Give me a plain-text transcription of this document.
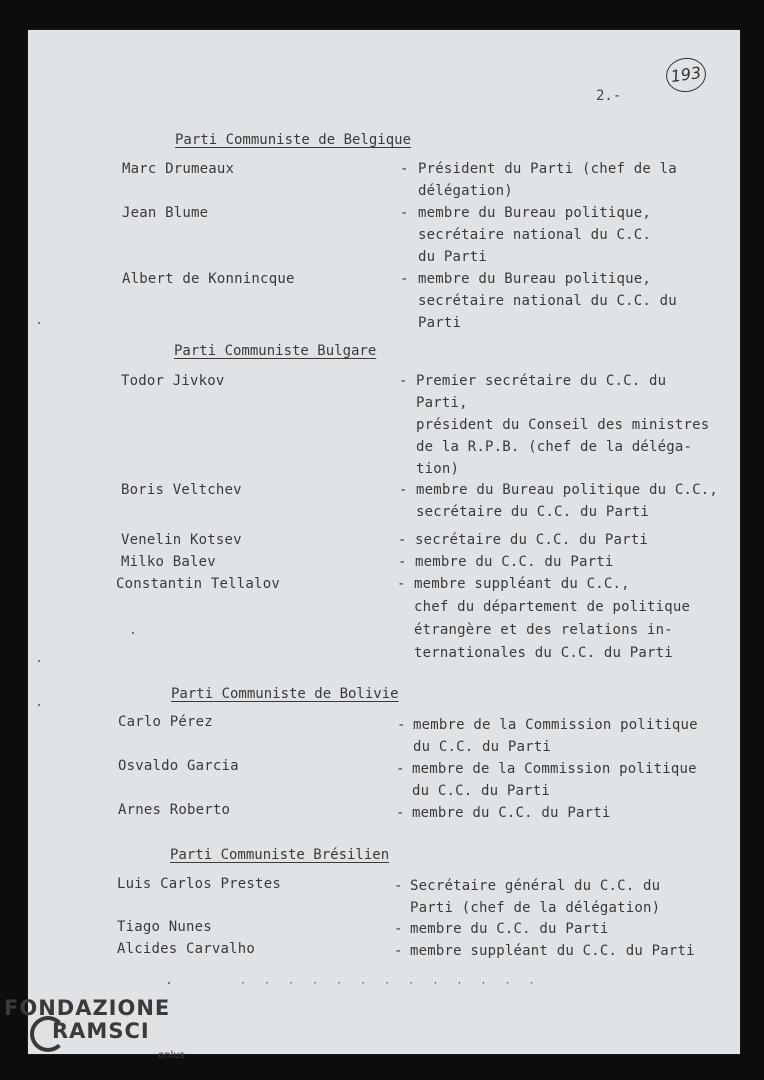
193
2.-
Parti Communiste de Belgique
Marc Drumeaux	- Président du Parti (chef de la
délégation)
Jean Blume	- membre du Bureau politique,
secrétaire national du C.C.
du Parti
Albert de Konnincque	- membre du Bureau politique,
secrétaire national du C.C. du
Parti
Parti Communiste Bulgare
Todor Jivkov	- Premier secrétaire du C.C. du
Parti,
président du Conseil des ministres
de la R.P.B. (chef de la déléga-
tion)
Boris Veltchev	- membre du Bureau politique du C.C.,
secrétaire du C.C. du Parti
Venelin Kotsev	- secrétaire du C.C. du Parti
Milko Balev	- membre du C.C. du Parti
Constantin Tellalov	- membre suppléant du C.C.,
chef du département de politique
étrangère et des relations in-
ternationales du C.C. du Parti
Parti Communiste de Bolivie
Carlo Pérez	- membre de la Commission politique
du C.C. du Parti
Osvaldo Garcia	- membre de la Commission politique
du C.C. du Parti
Arnes Roberto	- membre du C.C. du Parti
Parti Communiste Brésilien
Luis Carlos Prestes	- Secrétaire général du C.C. du
Parti (chef de la délégation)
Tiago Nunes	- membre du C.C. du Parti
Alcides Carvalho	- membre suppléant du C.C. du Parti
· · · · · · · · · · · · ·
FONDAZIONE
RAMSCI
onlus
